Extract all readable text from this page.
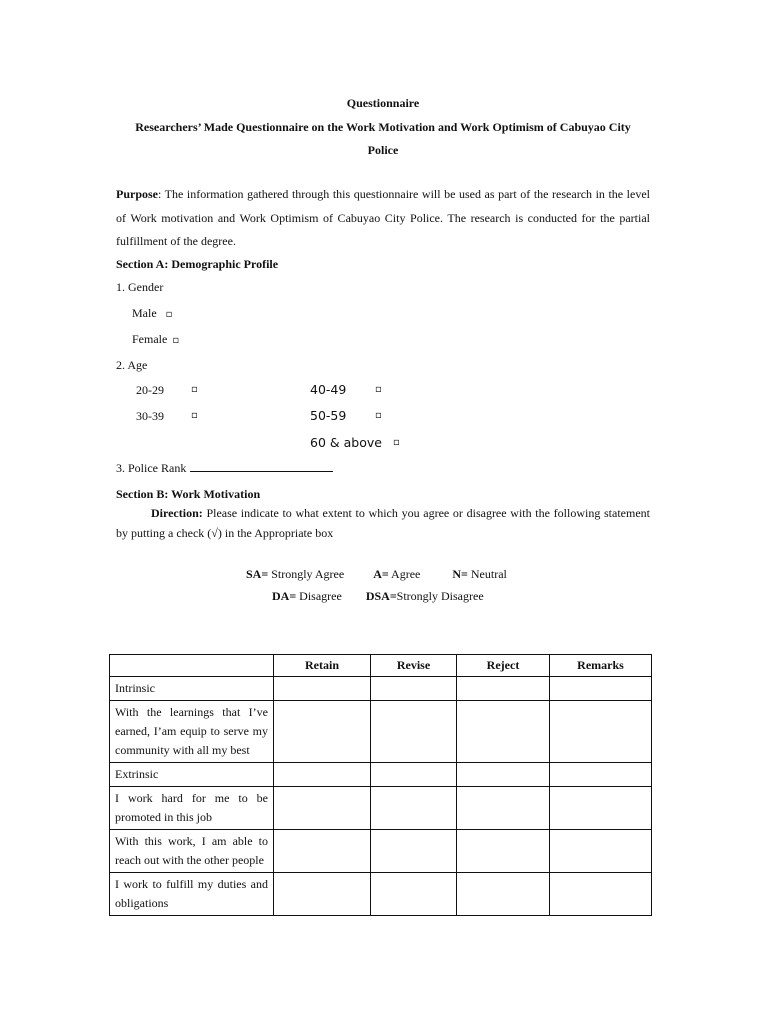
Questionnaire
Researchers’ Made Questionnaire on the Work Motivation and Work Optimism of Cabuyao City
Police
Purpose: The information gathered through this questionnaire will be used as part of the research in the level of Work motivation and Work Optimism of Cabuyao City Police. The research is conducted for the partial fulfillment of the degree.
Section A: Demographic Profile
1. Gender
Male ▫
Female ▫
2. Age
20-29	▫
30-39	▫
40-49	▫
50-59	▫
60 & above ▫
3. Police Rank
Section B: Work Motivation
Direction: Please indicate to what extent to which you agree or disagree with the following statement by putting a check (√) in the Appropriate box
SA= Strongly Agree A= Agree	N= Neutral
DA= Disagree DSA=Strongly Disagree
	Retain	Revise	Reject	Remarks
Intrinsic				
With the learnings that I’ve earned, I’am equip to serve my community with all my best				
Extrinsic				
I work hard for me to be promoted in this job				
With this work, I am able to reach out with the other people				
I work to fulfill my duties and obligations				
